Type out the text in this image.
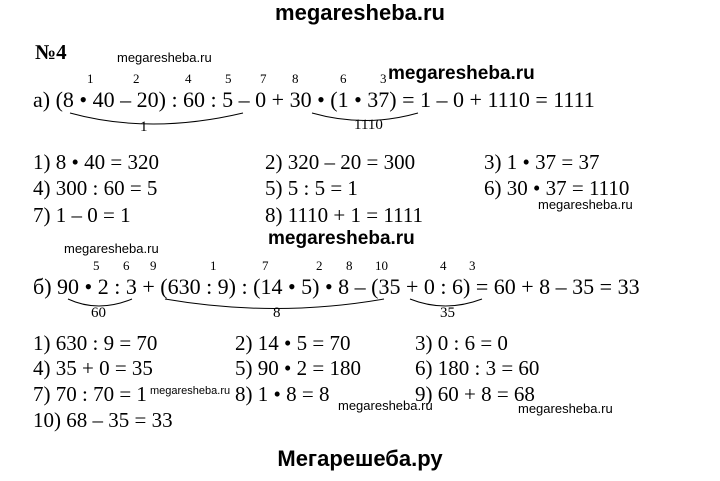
megaresheba.ru
№4	megaresheba.ru
megaresheba.ru
megaresheba.ru
megaresheba.ru	megaresheba.ru
megaresheba.ru
megaresheba.ru	megaresheba.ru
1	2	4	5 7 8	6	3
а) (8 • 40 – 20) : 60 : 5 – 0 + 30 • (1 • 37) = 1 – 0 + 1110 = 1111
1	1110
1) 8 • 40 = 320	2) 320 – 20 = 300	3) 1 • 37 = 37
4) 300 : 60 = 5	5) 5 : 5 = 1	6) 30 • 37 = 1110
7) 1 – 0 = 1	8) 1110 + 1 = 1111
5 6 9	1	7	2 8 10	4 3
б) 90 • 2 : 3 + (630 : 9) : (14 • 5) • 8 – (35 + 0 : 6) = 60 + 8 – 35 = 33
60	8	35
1) 630 : 9 = 70	2) 14 • 5 = 70	3) 0 : 6 = 0
4) 35 + 0 = 35	5) 90 • 2 = 180	6) 180 : 3 = 60
7) 70 : 70 = 1	8) 1 • 8 = 8	9) 60 + 8 = 68
10) 68 – 35 = 33
Мегарешеба.ру
